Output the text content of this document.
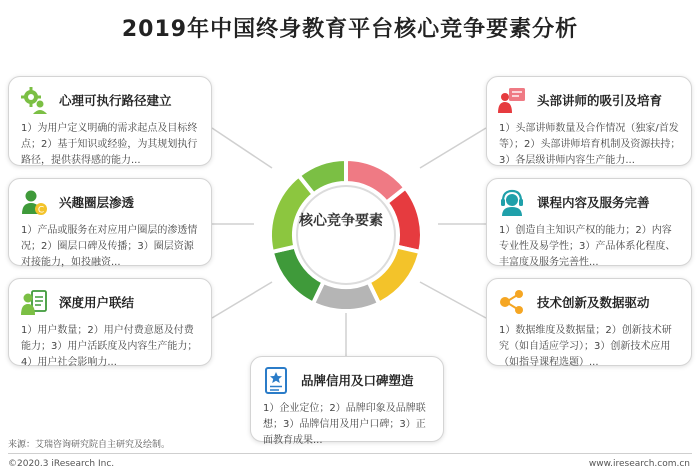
2019年中国终身教育平台核心竞争要素分析
核心竞争要素
心理可执行路径建立
1）为用户定义明确的需求起点及目标终点；2）基于知识或经验，为其规划执行路径，提供获得感的能力...
C
兴趣圈层渗透
1）产品或服务在对应用户圈层的渗透情况；2）圈层口碑及传播；3）圈层资源对接能力，如投融资...
深度用户联结
1）用户数量；2）用户付费意愿及付费能力；3）用户活跃度及内容生产能力；4）用户社会影响力...
头部讲师的吸引及培育
1）头部讲师数量及合作情况（独家/首发等）；2）头部讲师培育机制及资源扶持；3）各层级讲师内容生产能力...
课程内容及服务完善
1）创造自主知识产权的能力；2）内容专业性及易学性；3）产品体系化程度、丰富度及服务完善性...
技术创新及数据驱动
1）数据维度及数据量；2）创新技术研究（如自适应学习）；3）创新技术应用（如指导课程选题）...
品牌信用及口碑塑造
1）企业定位；2）品牌印象及品牌联想；3）品牌信用及用户口碑；3）正面教育成果...
来源：艾瑞咨询研究院自主研究及绘制。
©2020.3 iResearch Inc.	www.iresearch.com.cn
